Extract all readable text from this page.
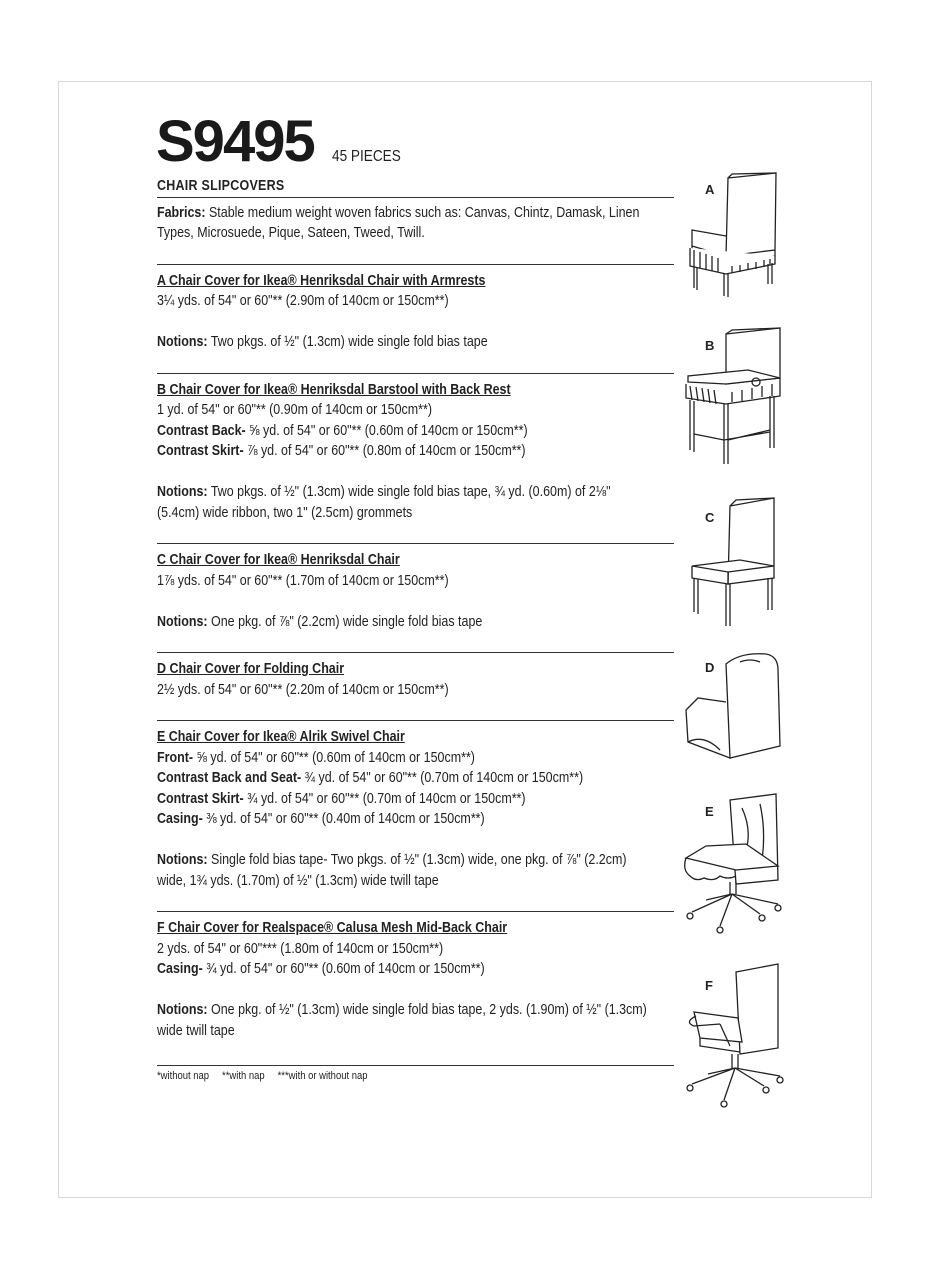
S9495 45 PIECES
CHAIR SLIPCOVERS
Fabrics: Stable medium weight woven fabrics such as: Canvas, Chintz, Damask, Linen
Types, Microsuede, Pique, Sateen, Tweed, Twill.
A Chair Cover for Ikea® Henriksdal Chair with Armrests
3¼ yds. of 54" or 60"** (2.90m of 140cm or 150cm**)
Notions: Two pkgs. of ½" (1.3cm) wide single fold bias tape
B Chair Cover for Ikea® Henriksdal Barstool with Back Rest
1 yd. of 54" or 60"** (0.90m of 140cm or 150cm**)
Contrast Back- ⅝ yd. of 54" or 60"** (0.60m of 140cm or 150cm**)
Contrast Skirt- ⅞ yd. of 54" or 60"** (0.80m of 140cm or 150cm**)
Notions: Two pkgs. of ½" (1.3cm) wide single fold bias tape, ¾ yd. (0.60m) of 2⅛"
(5.4cm) wide ribbon, two 1" (2.5cm) grommets
C Chair Cover for Ikea® Henriksdal Chair
1⅞ yds. of 54" or 60"** (1.70m of 140cm or 150cm**)
Notions: One pkg. of ⅞" (2.2cm) wide single fold bias tape
D Chair Cover for Folding Chair
2½ yds. of 54" or 60"** (2.20m of 140cm or 150cm**)
E Chair Cover for Ikea® Alrik Swivel Chair
Front- ⅝ yd. of 54" or 60"** (0.60m of 140cm or 150cm**)
Contrast Back and Seat- ¾ yd. of 54" or 60"** (0.70m of 140cm or 150cm**)
Contrast Skirt- ¾ yd. of 54" or 60"** (0.70m of 140cm or 150cm**)
Casing- ⅜ yd. of 54" or 60"** (0.40m of 140cm or 150cm**)
Notions: Single fold bias tape- Two pkgs. of ½" (1.3cm) wide, one pkg. of ⅞" (2.2cm)
wide, 1¾ yds. (1.70m) of ½" (1.3cm) wide twill tape
F Chair Cover for Realspace® Calusa Mesh Mid-Back Chair
2 yds. of 54" or 60"*** (1.80m of 140cm or 150cm**)
Casing- ¾ yd. of 54" or 60"** (0.60m of 140cm or 150cm**)
Notions: One pkg. of ½" (1.3cm) wide single fold bias tape, 2 yds. (1.90m) of ½" (1.3cm)
wide twill tape
*without nap **with nap ***with or without nap
A
B
C
D
E
F
